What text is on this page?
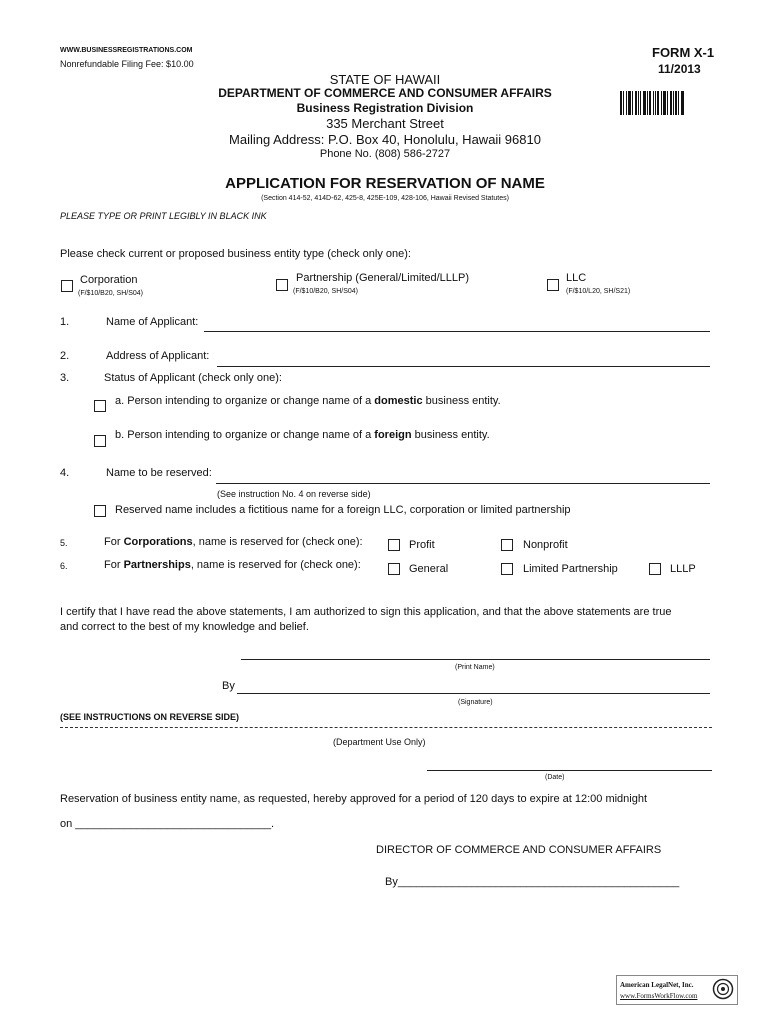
WWW.BUSINESSREGISTRATIONS.COM
Nonrefundable Filing Fee: $10.00
FORM X-1
11/2013
STATE OF HAWAII
DEPARTMENT OF COMMERCE AND CONSUMER AFFAIRS
Business Registration Division
335 Merchant Street
Mailing Address: P.O. Box 40, Honolulu, Hawaii 96810
Phone No. (808) 586-2727
APPLICATION FOR RESERVATION OF NAME
(Section 414-52, 414D-62, 425-8, 425E-109, 428-106, Hawaii Revised Statutes)
PLEASE TYPE OR PRINT LEGIBLY IN BLACK INK
Please check current or proposed business entity type (check only one):
Corporation
(F/$10/B20, SH/S04)
Partnership (General/Limited/LLLP)
(F/$10/B20, SH/S04)
LLC
(F/$10/L20, SH/S21)
1.	Name of Applicant:
2.	Address of Applicant:
3.	Status of Applicant (check only one):
a. Person intending to organize or change name of a domestic business entity.
b. Person intending to organize or change name of a foreign business entity.
4.	Name to be reserved:
(See instruction No. 4 on reverse side)
Reserved name includes a fictitious name for a foreign LLC, corporation or limited partnership
5.	For Corporations, name is reserved for (check one):	Profit	Nonprofit
6.	For Partnerships, name is reserved for (check one):	General	Limited Partnership	LLLP
I certify that I have read the above statements, I am authorized to sign this application, and that the above statements are true
and correct to the best of my knowledge and belief.
(Print Name)
By
(Signature)
(SEE INSTRUCTIONS ON REVERSE SIDE)
(Department Use Only)
(Date)
Reservation of business entity name, as requested, hereby approved for a period of 120 days to expire at 12:00 midnight
on ________________________________.
DIRECTOR OF COMMERCE AND CONSUMER AFFAIRS
By______________________________________________
American LegalNet, Inc.
www.FormsWorkFlow.com
